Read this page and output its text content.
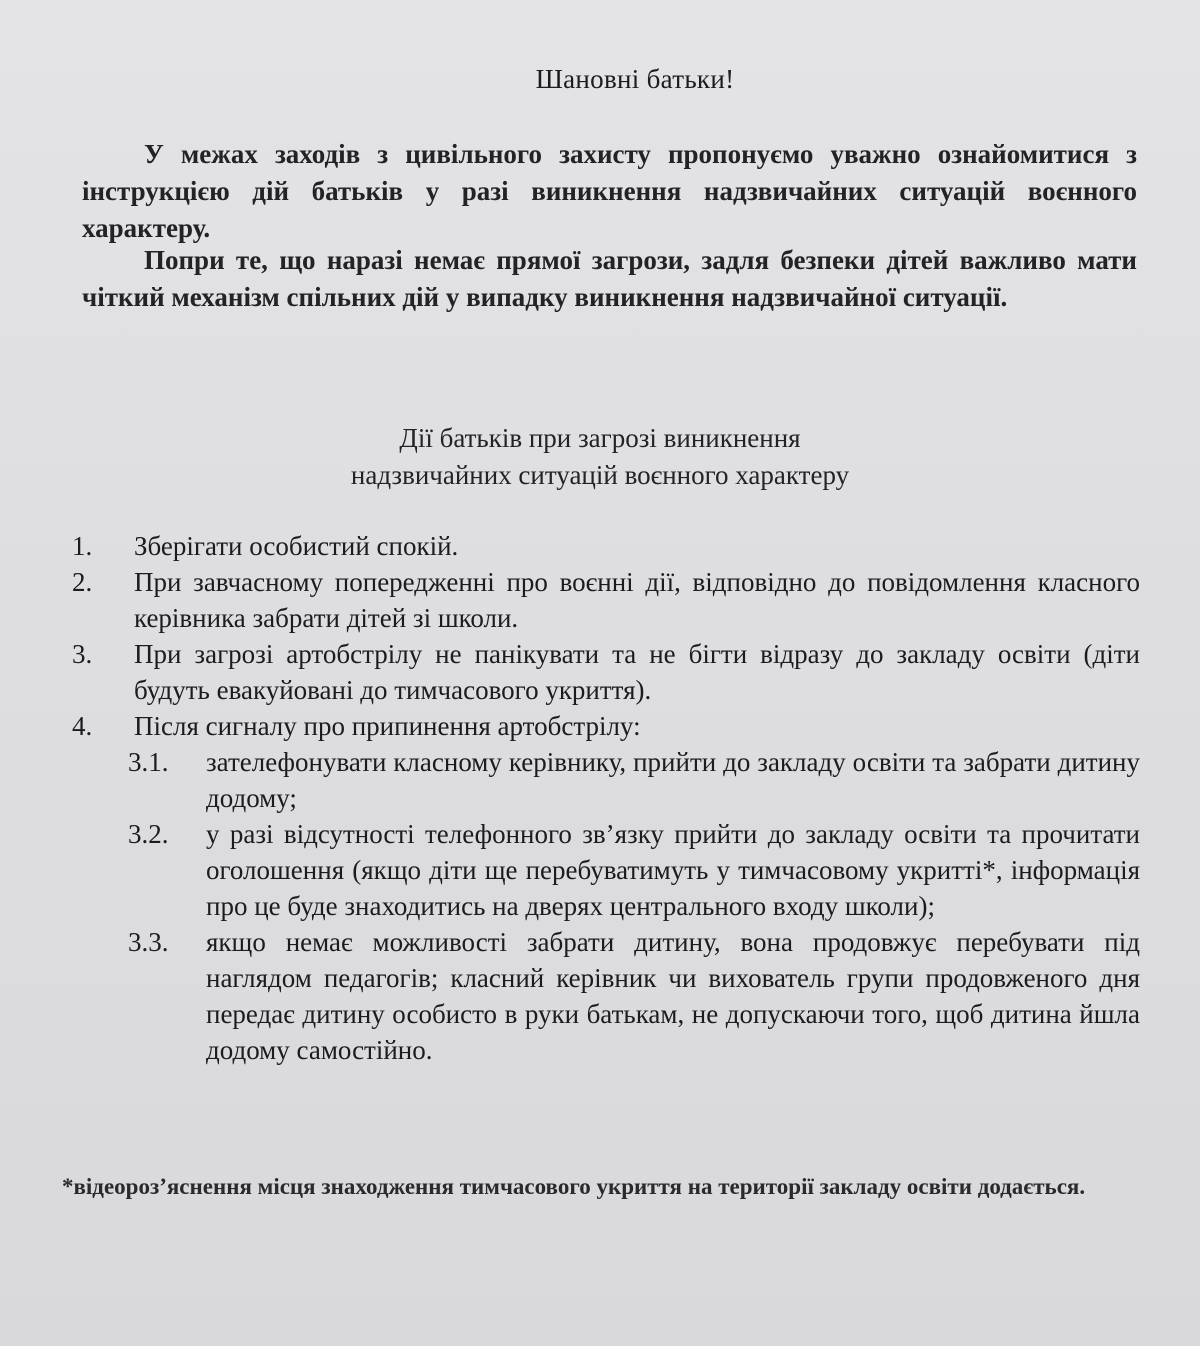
Шановні батьки!

У межах заходів з цивільного захисту пропонуємо уважно ознайомитися з інструкцією дій батьків у разі виникнення надзвичайних ситуацій воєнного характеру.

Попри те, що наразі немає прямої загрози, задля безпеки дітей важливо мати чіткий механізм спільних дій у випадку виникнення надзвичайної ситуації.

Дії батьків при загрозі виникнення
надзвичайних ситуацій воєнного характеру
1. Зберігати особистий спокій.
2. При завчасному попередженні про воєнні дії, відповідно до повідомлення класного керівника забрати дітей зі школи.
3. При загрозі артобстрілу не панікувати та не бігти відразу до закладу освіти (діти будуть евакуйовані до тимчасового укриття).
4. Після сигналу про припинення артобстрілу:
3.1. зателефонувати класному керівнику, прийти до закладу освіти та забрати дитину додому;
3.2. у разі відсутності телефонного зв’язку прийти до закладу освіти та прочитати оголошення (якщо діти ще перебуватимуть у тимчасовому укритті*, інформація про це буде знаходитись на дверях центрального входу школи);
3.3. якщо немає можливості забрати дитину, вона продовжує перебувати під наглядом педагогів; класний керівник чи вихователь групи продовженого дня передає дитину особисто в руки батькам, не допускаючи того, щоб дитина йшла додому самостійно.
*відеороз’яснення місця знаходження тимчасового укриття на території закладу освіти додається.
